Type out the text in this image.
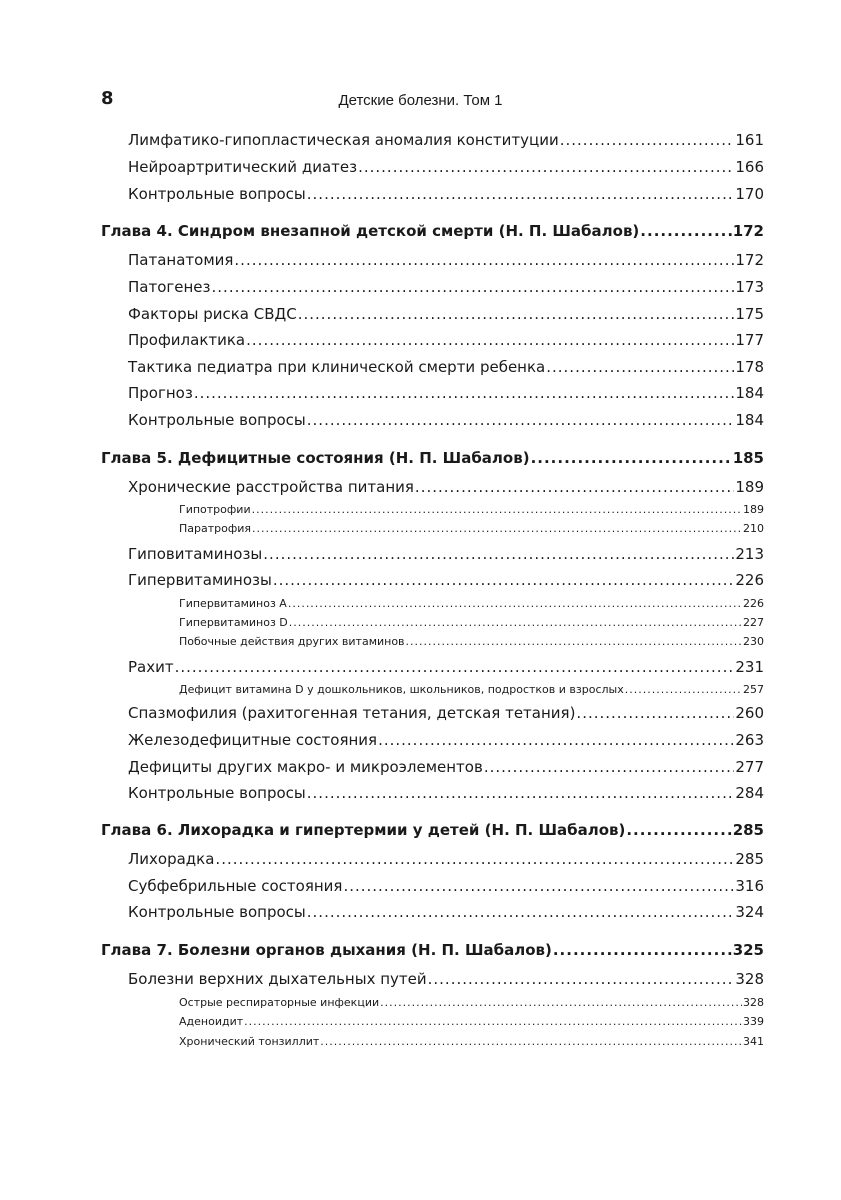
8	Детские болезни. Том 1
Лимфатико-гипопластическая аномалия конституции .....	161
Нейроартритический диатез .....	166
Контрольные вопросы .....	170
Глава 4. Синдром внезапной детской смерти (Н. П. Шабалов) .....	172
Патанатомия .....	172
Патогенез .....	173
Факторы риска СВДС .....	175
Профилактика .....	177
Тактика педиатра при клинической смерти ребенка .....	178
Прогноз .....	184
Контрольные вопросы .....	184
Глава 5. Дефицитные состояния (Н. П. Шабалов) .....	185
Хронические расстройства питания .....	189
Гипотрофии .....	189
Паратрофия .....	210
Гиповитаминозы .....	213
Гипервитаминозы .....	226
Гипервитаминоз А .....	226
Гипервитаминоз D .....	227
Побочные действия других витаминов .....	230
Рахит .....	231
Дефицит витамина D у дошкольников, школьников, подростков и взрослых .....	257
Спазмофилия (рахитогенная тетания, детская тетания) .....	260
Железодефицитные состояния .....	263
Дефициты других макро- и микроэлементов .....	277
Контрольные вопросы .....	284
Глава 6. Лихорадка и гипертермии у детей (Н. П. Шабалов) .....	285
Лихорадка .....	285
Субфебрильные состояния .....	316
Контрольные вопросы .....	324
Глава 7. Болезни органов дыхания (Н. П. Шабалов) .....	325
Болезни верхних дыхательных путей .....	328
Острые респираторные инфекции .....	328
Аденоидит .....	339
Хронический тонзиллит .....	341
